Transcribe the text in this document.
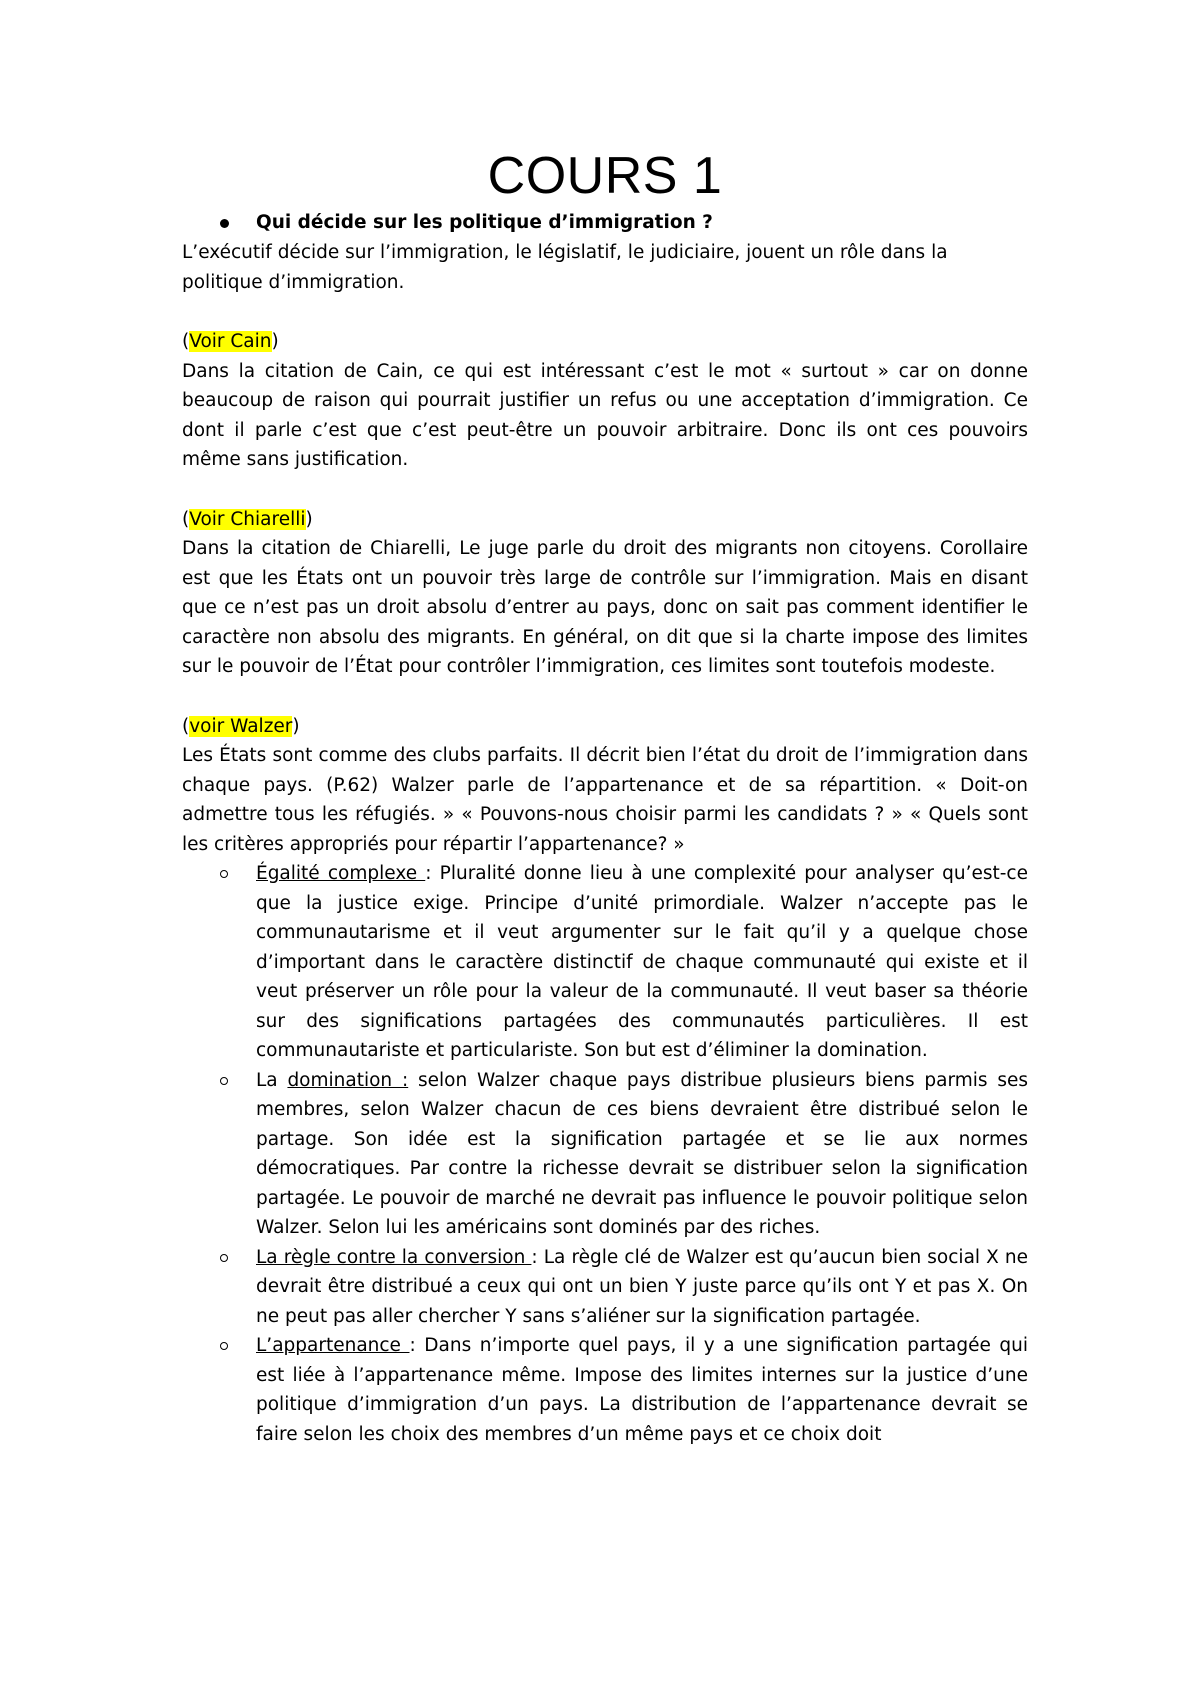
COURS 1
Qui décide sur les politique d’immigration ?

L’exécutif décide sur l’immigration, le législatif, le judiciaire, jouent un rôle dans la politique d’immigration.

(Voir Cain)

Dans la citation de Cain, ce qui est intéressant c’est le mot « surtout » car on donne beaucoup de raison qui pourrait justifier un refus ou une acceptation d’immigration. Ce dont il parle c’est que c’est peut-être un pouvoir arbitraire. Donc ils ont ces pouvoirs même sans justification.

(Voir Chiarelli)

Dans la citation de Chiarelli, Le juge parle du droit des migrants non citoyens. Corollaire est que les États ont un pouvoir très large de contrôle sur l’immigration. Mais en disant que ce n’est pas un droit absolu d’entrer au pays, donc on sait pas comment identifier le caractère non absolu des migrants. En général, on dit que si la charte impose des limites sur le pouvoir de l’État pour contrôler l’immigration, ces limites sont toutefois modeste.

(voir Walzer)

Les États sont comme des clubs parfaits. Il décrit bien l’état du droit de l’immigration dans chaque pays. (P.62) Walzer parle de l’appartenance et de sa répartition. « Doit-on admettre tous les réfugiés. » « Pouvons-nous choisir parmi les candidats ? » « Quels sont les critères appropriés pour répartir l’appartenance? »

Égalité complexe : Pluralité donne lieu à une complexité pour analyser qu’est-ce que la justice exige. Principe d’unité primordiale. Walzer n’accepte pas le communautarisme et il veut argumenter sur le fait qu’il y a quelque chose d’important dans le caractère distinctif de chaque communauté qui existe et il veut préserver un rôle pour la valeur de la communauté. Il veut baser sa théorie sur des significations partagées des communautés particulières. Il est communautariste et particulariste. Son but est d’éliminer la domination.
La domination : selon Walzer chaque pays distribue plusieurs biens parmis ses membres, selon Walzer chacun de ces biens devraient être distribué selon le partage. Son idée est la signification partagée et se lie aux normes démocratiques. Par contre la richesse devrait se distribuer selon la signification partagée. Le pouvoir de marché ne devrait pas influence le pouvoir politique selon Walzer. Selon lui les américains sont dominés par des riches.
La règle contre la conversion : La règle clé de Walzer est qu’aucun bien social X ne devrait être distribué a ceux qui ont un bien Y juste parce qu’ils ont Y et pas X. On ne peut pas aller chercher Y sans s’aliéner sur la signification partagée.
L’appartenance : Dans n’importe quel pays, il y a une signification partagée qui est liée à l’appartenance même. Impose des limites internes sur la justice d’une politique d’immigration d’un pays. La distribution de l’appartenance devrait se faire selon les choix des membres d’un même pays et ce choix doit
